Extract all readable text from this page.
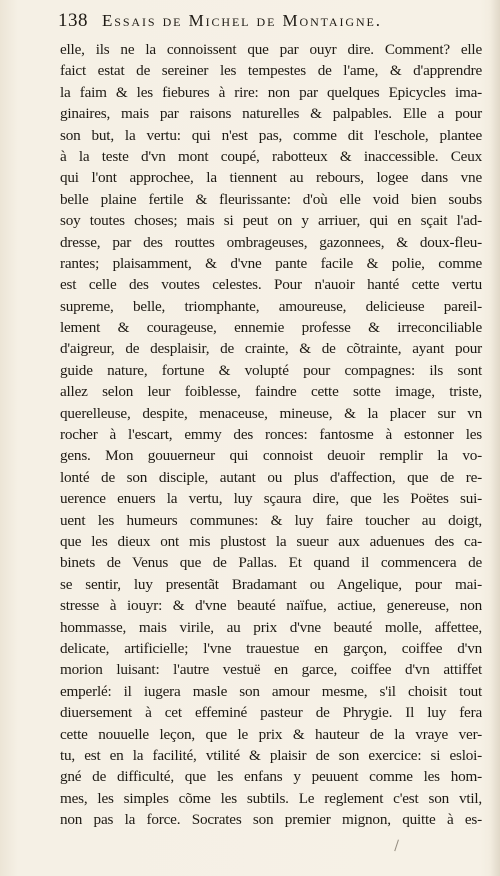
138 Essais de Michel de Montaigne.
elle, ils ne la connoissent que par ouyr dire. Comment? elle
faict estat de sereiner les tempestes de l'ame, & d'apprendre
la faim & les fiebures à rire: non par quelques Epicycles ima-
ginaires, mais par raisons naturelles & palpables. Elle a pour
son but, la vertu: qui n'est pas, comme dit l'eschole, plantee
à la teste d'vn mont coupé, rabotteux & inaccessible. Ceux
qui l'ont approchee, la tiennent au rebours, logee dans vne
belle plaine fertile & fleurissante: d'où elle void bien soubs
soy toutes choses; mais si peut on y arriuer, qui en sçait l'ad-
dresse, par des routtes ombrageuses, gazonnees, & doux-fleu-
rantes; plaisamment, & d'vne pante facile & polie, comme
est celle des voutes celestes. Pour n'auoir hanté cette vertu
supreme, belle, triomphante, amoureuse, delicieuse pareil-
lement & courageuse, ennemie professe & irreconciliable
d'aigreur, de desplaisir, de crainte, & de cõtrainte, ayant pour
guide nature, fortune & volupté pour compagnes: ils sont
allez selon leur foiblesse, faindre cette sotte image, triste,
querelleuse, despite, menaceuse, mineuse, & la placer sur vn
rocher à l'escart, emmy des ronces: fantosme à estonner les
gens. Mon gouuerneur qui connoist deuoir remplir la vo-
lonté de son disciple, autant ou plus d'affection, que de re-
uerence enuers la vertu, luy sçaura dire, que les Poëtes sui-
uent les humeurs communes: & luy faire toucher au doigt,
que les dieux ont mis plustost la sueur aux aduenues des ca-
binets de Venus que de Pallas. Et quand il commencera de
se sentir, luy presentãt Bradamant ou Angelique, pour mai-
stresse à iouyr: & d'vne beauté naïfue, actiue, genereuse, non
hommasse, mais virile, au prix d'vne beauté molle, affettee,
delicate, artificielle; l'vne trauestue en garçon, coiffee d'vn
morion luisant: l'autre vestuë en garce, coiffee d'vn attiffet
emperlé: il iugera masle son amour mesme, s'il choisit tout
diuersement à cet effeminé pasteur de Phrygie. Il luy fera
cette nouuelle leçon, que le prix & hauteur de la vraye ver-
tu, est en la facilité, vtilité & plaisir de son exercice: si esloi-
gné de difficulté, que les enfans y peuuent comme les hom-
mes, les simples cõme les subtils. Le reglement c'est son vtil,
non pas la force. Socrates son premier mignon, quitte à es-
